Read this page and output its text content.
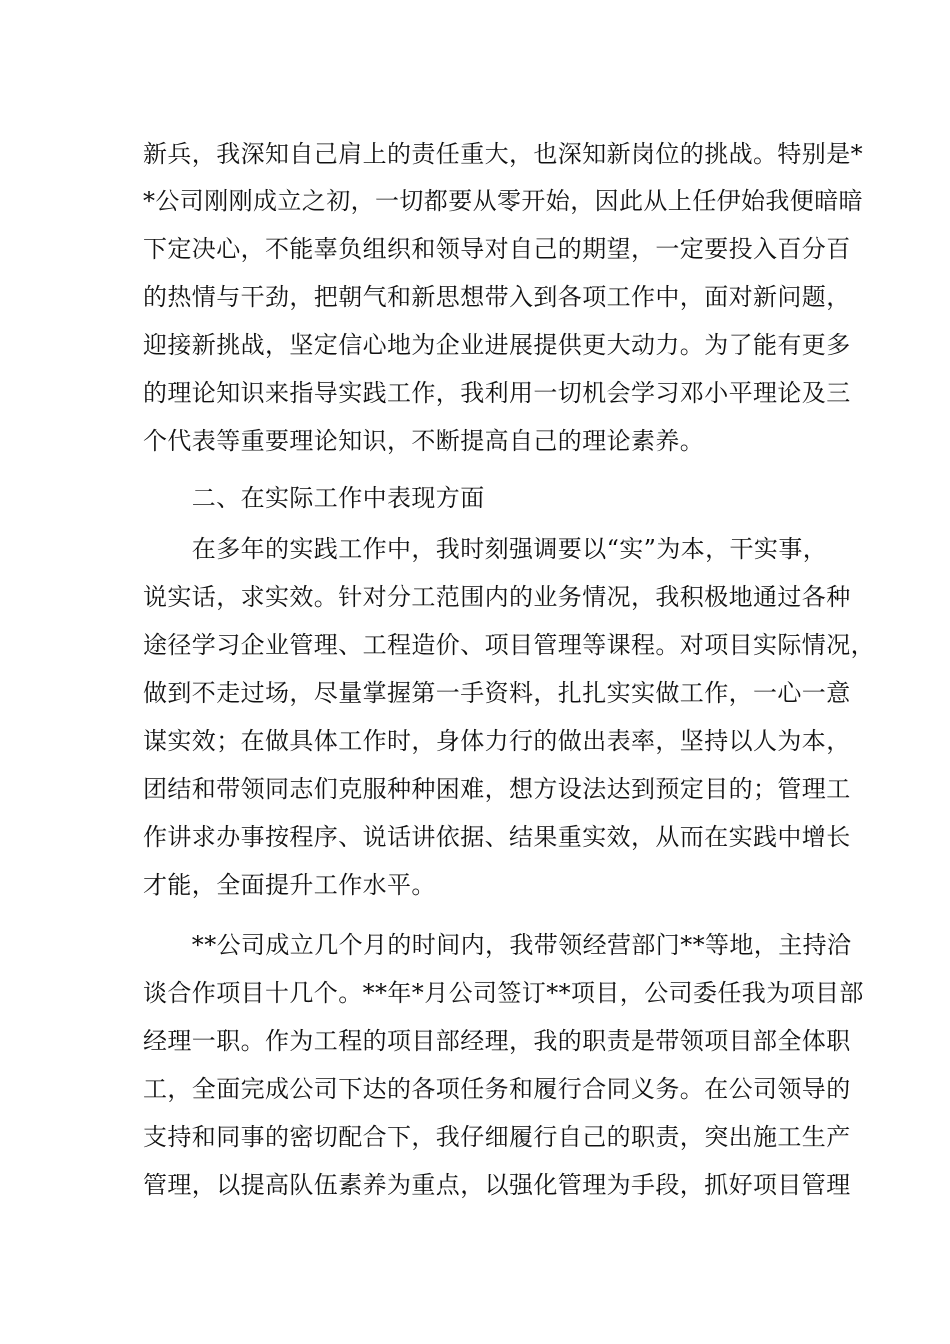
新兵，我深知自己肩上的责任重大，也深知新岗位的挑战。特别是*
*公司刚刚成立之初，一切都要从零开始，因此从上任伊始我便暗暗
下定决心，不能辜负组织和领导对自己的期望，一定要投入百分百
的热情与干劲，把朝气和新思想带入到各项工作中，面对新问题，
迎接新挑战，坚定信心地为企业进展提供更大动力。为了能有更多
的理论知识来指导实践工作，我利用一切机会学习邓小平理论及三
个代表等重要理论知识，不断提高自己的理论素养。
　　二、在实际工作中表现方面
　　在多年的实践工作中，我时刻强调要以“实”为本，干实事，
说实话，求实效。针对分工范围内的业务情况，我积极地通过各种
途径学习企业管理、工程造价、项目管理等课程。对项目实际情况，
做到不走过场，尽量掌握第一手资料，扎扎实实做工作，一心一意
谋实效；在做具体工作时，身体力行的做出表率，坚持以人为本，
团结和带领同志们克服种种困难，想方设法达到预定目的；管理工
作讲求办事按程序、说话讲依据、结果重实效，从而在实践中增长
才能，全面提升工作水平。
　　**公司成立几个月的时间内，我带领经营部门**等地，主持洽
谈合作项目十几个。**年*月公司签订**项目，公司委任我为项目部
经理一职。作为工程的项目部经理，我的职责是带领项目部全体职
工，全面完成公司下达的各项任务和履行合同义务。在公司领导的
支持和同事的密切配合下，我仔细履行自己的职责，突出施工生产
管理，以提高队伍素养为重点，以强化管理为手段，抓好项目管理
